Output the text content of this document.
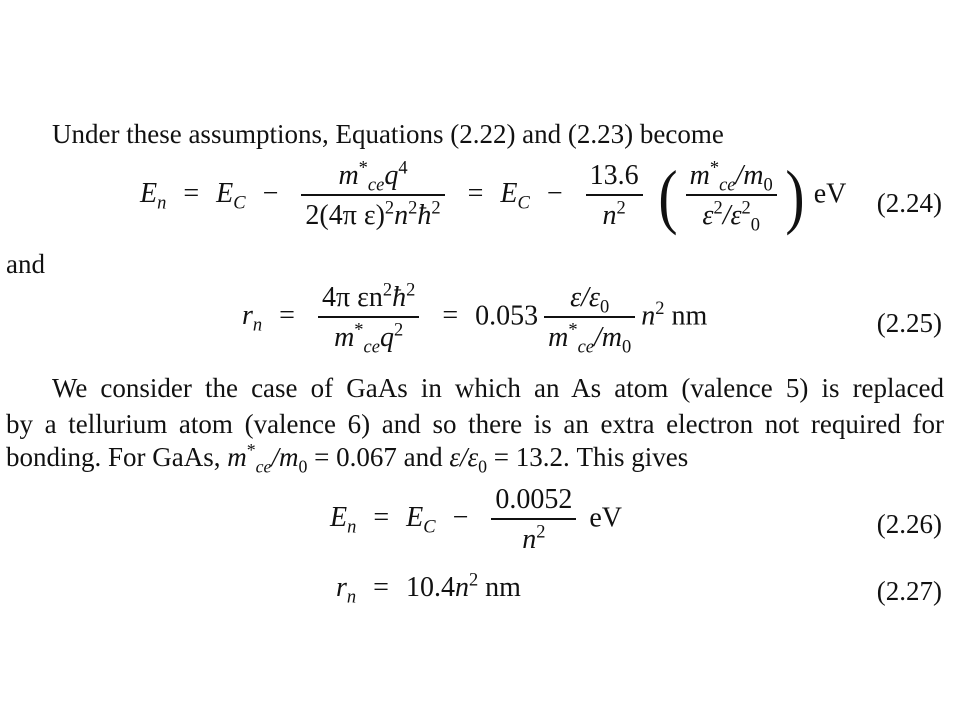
Under these assumptions, Equations (2.22) and (2.23) become
$E_n = E_C - \frac{m^*_{ce}q^4}{2(4\pi \varepsilon)^2n^2ħ^2} = E_C - \frac{13.6}{n^2}$ ( $\frac{m^*_{ce}/m_0}{\varepsilon^2/\varepsilon^2_0}$ ) eV (2.24)
and
$r_n = \frac{4\pi \varepsilon n^2ħ^2}{m^*_{ce}q^2} = 0.053 \frac{\varepsilon/\varepsilon_0}{m^*_{ce}/m_0} n^2$ nm	(2.25)
We consider the case of GaAs in which an As atom (valence 5) is replaced
by a tellurium atom (valence 6) and so there is an extra electron not required for
bonding. For GaAs, $m^*_{ce}/m_0 = 0.067$ and $\varepsilon/\varepsilon_0 = 13.2$. This gives
$E_n = E_C - \frac{0.0052}{n^2}$ eV	(2.26)
$r_n = 10.4n^2$ nm	(2.27)
